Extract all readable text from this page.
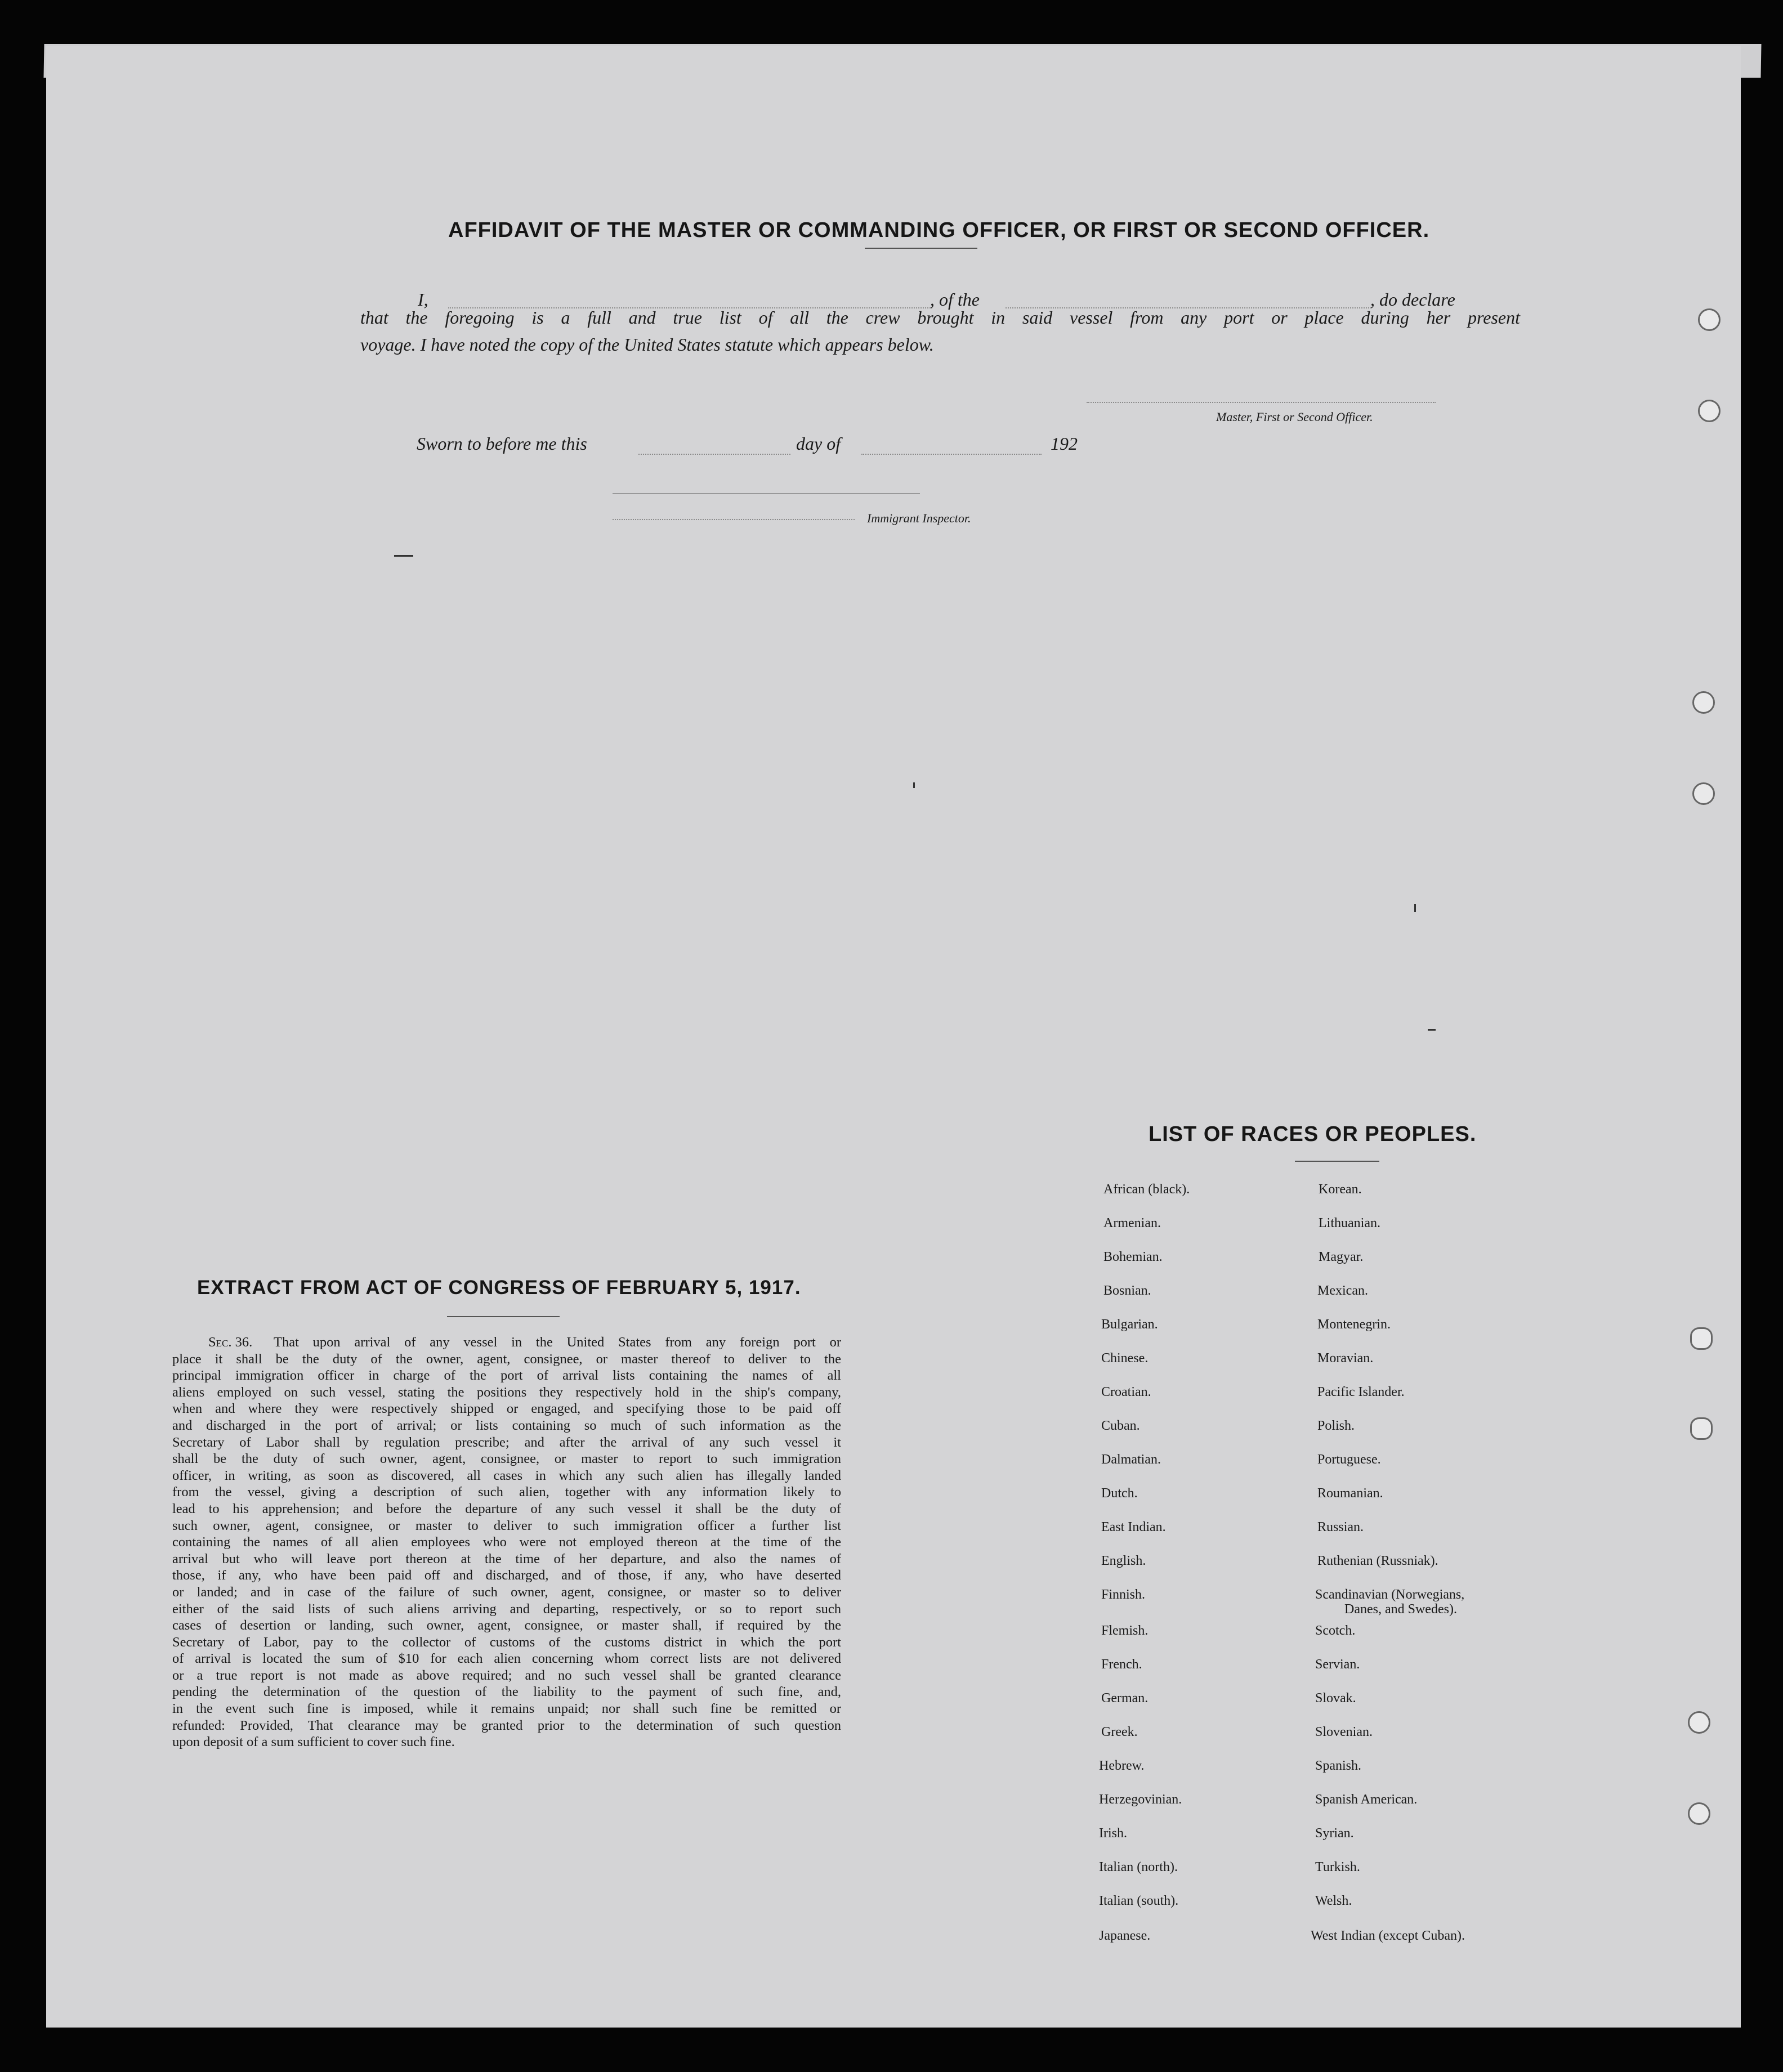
AFFIDAVIT OF THE MASTER OR COMMANDING OFFICER, OR FIRST OR SECOND OFFICER.
I,	, of the	, do declare
that the foregoing is a full and true list of all the crew brought in said vessel from any port or place during her present
voyage. I have noted the copy of the United States statute which appears below.
Master, First or Second Officer.
Sworn to before me this	day of	192
Immigrant Inspector.
EXTRACT FROM ACT OF CONGRESS OF FEBRUARY 5, 1917.
Sec. 36. That upon arrival of any vessel in the United States from any foreign port or
place it shall be the duty of the owner, agent, consignee, or master thereof to deliver to the
principal immigration officer in charge of the port of arrival lists containing the names of all
aliens employed on such vessel, stating the positions they respectively hold in the ship's company,
when and where they were respectively shipped or engaged, and specifying those to be paid off
and discharged in the port of arrival; or lists containing so much of such information as the
Secretary of Labor shall by regulation prescribe; and after the arrival of any such vessel it
shall be the duty of such owner, agent, consignee, or master to report to such immigration
officer, in writing, as soon as discovered, all cases in which any such alien has illegally landed
from the vessel, giving a description of such alien, together with any information likely to
lead to his apprehension; and before the departure of any such vessel it shall be the duty of
such owner, agent, consignee, or master to deliver to such immigration officer a further list
containing the names of all alien employees who were not employed thereon at the time of the
arrival but who will leave port thereon at the time of her departure, and also the names of
those, if any, who have been paid off and discharged, and of those, if any, who have deserted
or landed; and in case of the failure of such owner, agent, consignee, or master so to deliver
either of the said lists of such aliens arriving and departing, respectively, or so to report such
cases of desertion or landing, such owner, agent, consignee, or master shall, if required by the
Secretary of Labor, pay to the collector of customs of the customs district in which the port
of arrival is located the sum of $10 for each alien concerning whom correct lists are not delivered
or a true report is not made as above required; and no such vessel shall be granted clearance
pending the determination of the question of the liability to the payment of such fine, and,
in the event such fine is imposed, while it remains unpaid; nor shall such fine be remitted or
refunded: Provided, That clearance may be granted prior to the determination of such question
upon deposit of a sum sufficient to cover such fine.
LIST OF RACES OR PEOPLES.
African (black).
Armenian.
Bohemian.
Bosnian.
Bulgarian.
Chinese.
Croatian.
Cuban.
Dalmatian.
Dutch.
East Indian.
English.
Finnish.
Flemish.
French.
German.
Greek.
Hebrew.
Herzegovinian.
Irish.
Italian (north).
Italian (south).
Japanese.
Korean.
Lithuanian.
Magyar.
Mexican.
Montenegrin.
Moravian.
Pacific Islander.
Polish.
Portuguese.
Roumanian.
Russian.
Ruthenian (Russniak).
Scandinavian (Norwegians,
Danes, and Swedes).
Scotch.
Servian.
Slovak.
Slovenian.
Spanish.
Spanish American.
Syrian.
Turkish.
Welsh.
West Indian (except Cuban).
